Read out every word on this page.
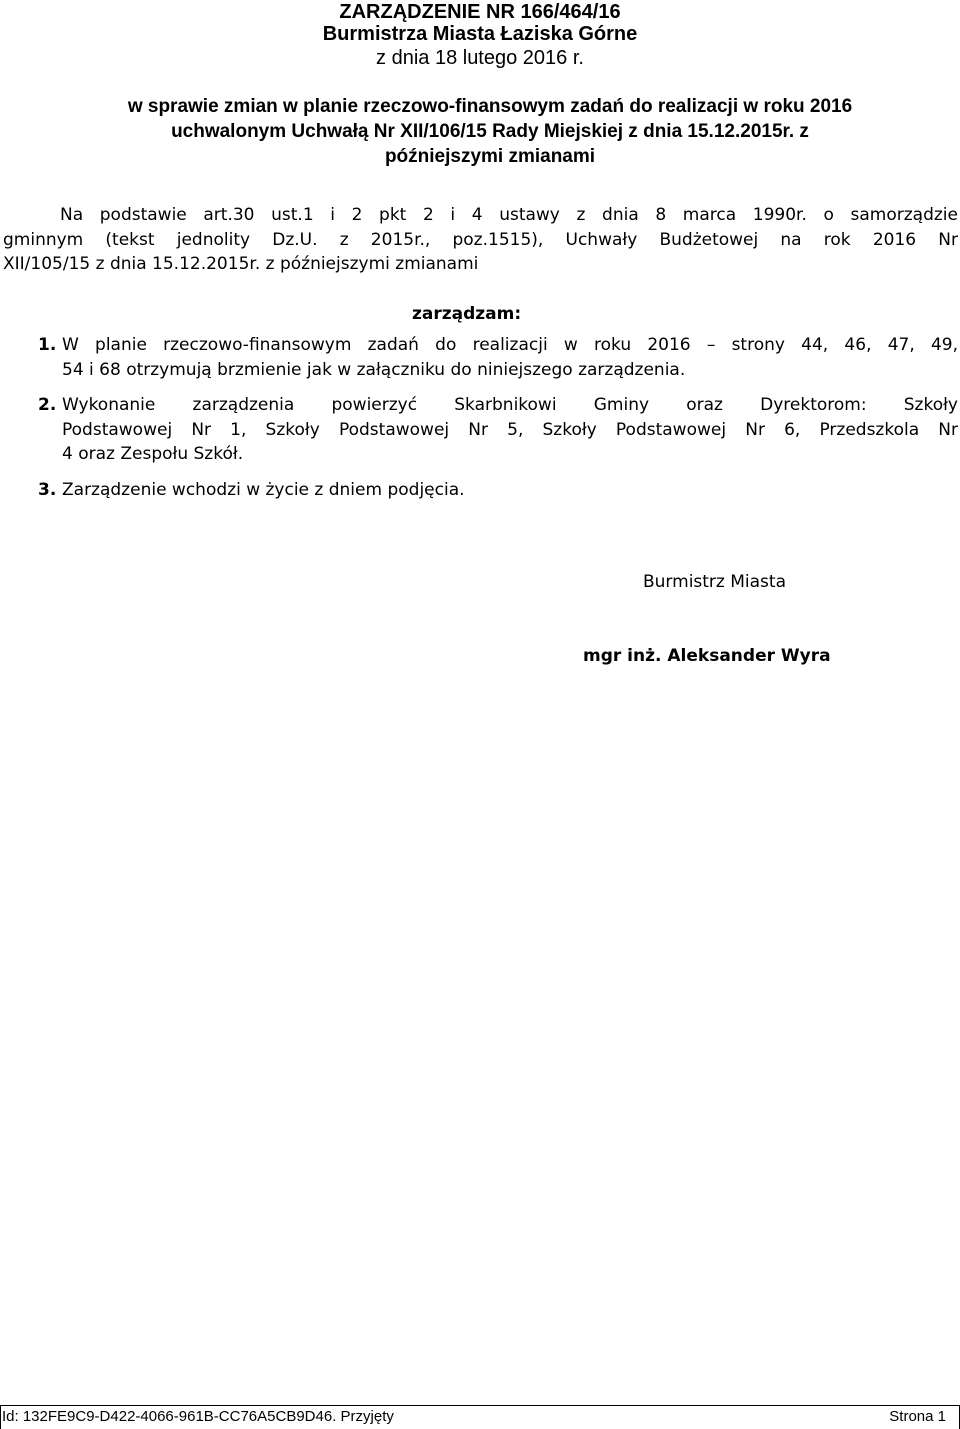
ZARZĄDZENIE NR 166/464/16
Burmistrza Miasta Łaziska Górne
z dnia 18 lutego 2016 r.
w sprawie zmian w planie rzeczowo-finansowym zadań do realizacji w roku 2016
uchwalonym Uchwałą Nr XII/106/15 Rady Miejskiej z dnia 15.12.2015r. z
późniejszymi zmianami
Na podstawie art.30 ust.1 i 2 pkt 2 i 4 ustawy z dnia 8 marca 1990r. o samorządzie
gminnym (tekst jednolity Dz.U. z 2015r., poz.1515), Uchwały Budżetowej na rok 2016 Nr
XII/105/15 z dnia 15.12.2015r. z późniejszymi zmianami
zarządzam:
1. W planie rzeczowo-finansowym zadań do realizacji w roku 2016 – strony 44, 46, 47, 49,
54 i 68 otrzymują brzmienie jak w załączniku do niniejszego zarządzenia.
2. Wykonanie zarządzenia powierzyć Skarbnikowi Gminy oraz Dyrektorom: Szkoły
Podstawowej Nr 1, Szkoły Podstawowej Nr 5, Szkoły Podstawowej Nr 6, Przedszkola Nr
4 oraz Zespołu Szkół.
3. Zarządzenie wchodzi w życie z dniem podjęcia.
Burmistrz Miasta
mgr inż. Aleksander Wyra
Id: 132FE9C9-D422-4066-961B-CC76A5CB9D46. Przyjęty	Strona 1
